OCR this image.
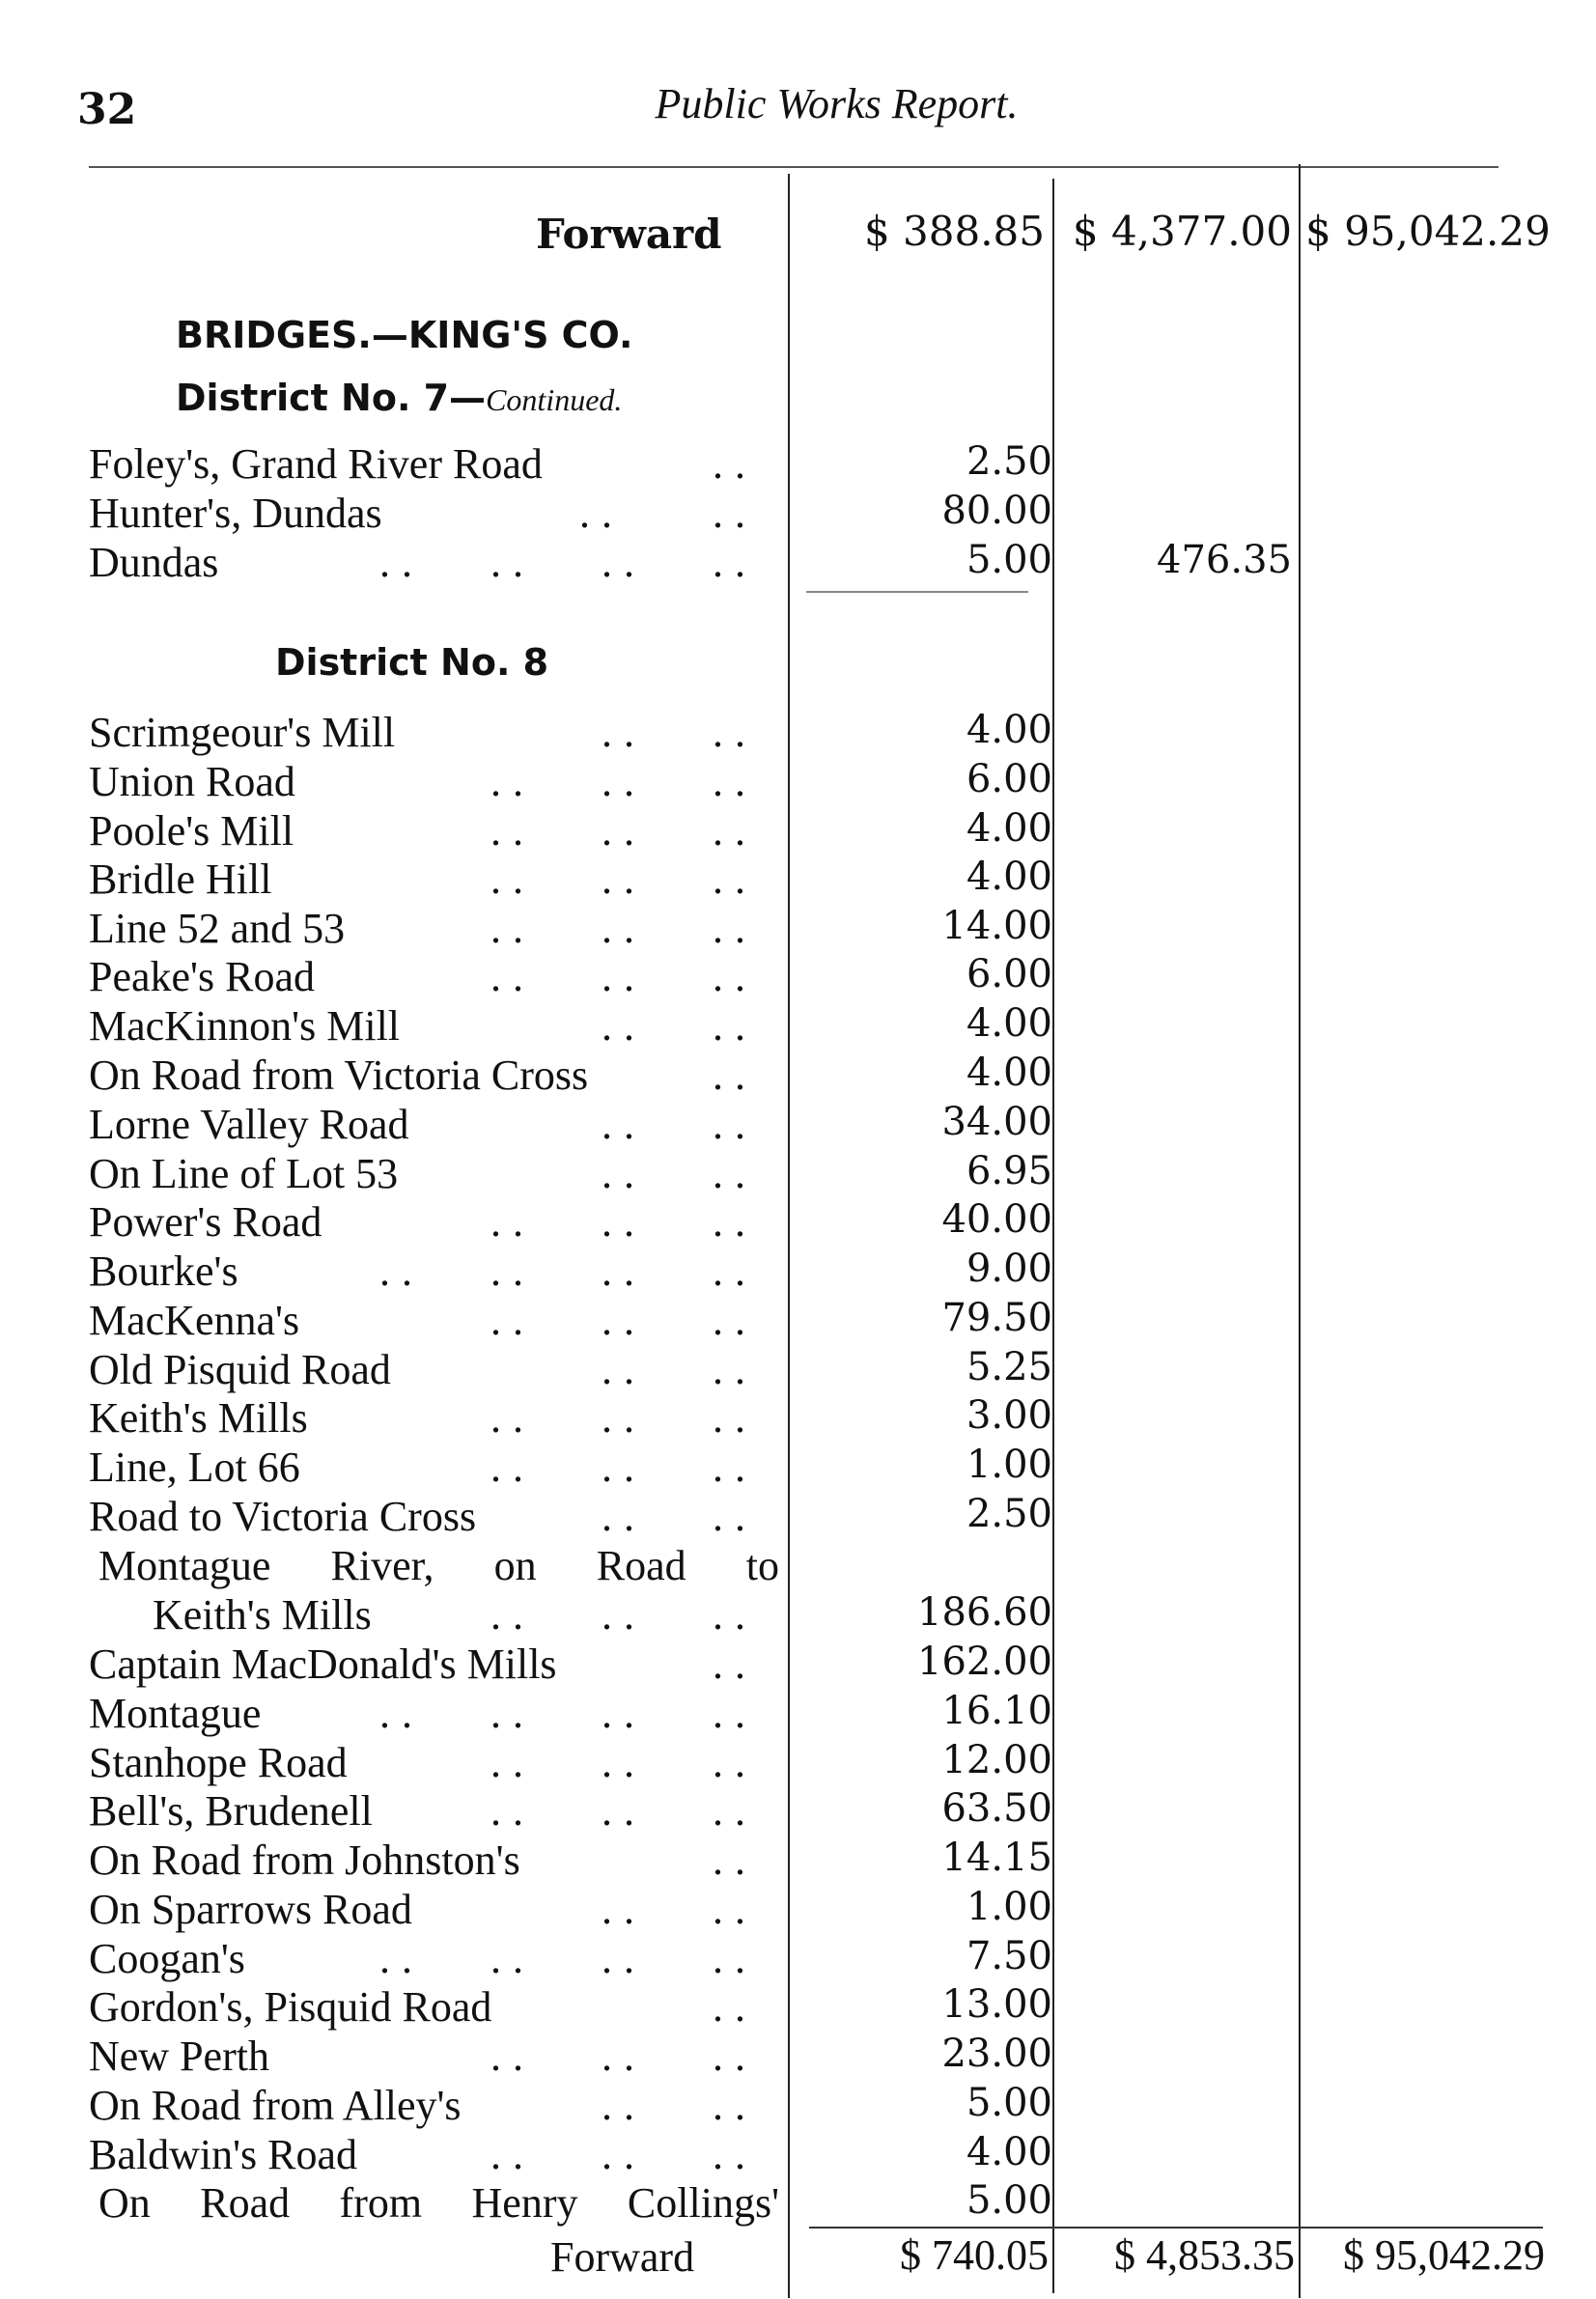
32	Public Works Report.
Forward	$ 388.85 $ 4,377.00 $ 95,042.29
BRIDGES.—KING'S CO.
District No. 7—Continued.
Foley's, Grand River Road	..	2.50
Hunter's, Dundas	..    ..	80.00
Dundas	..   ..   ..   ..	5.00	476.35
District No. 8
Scrimgeour's Mill	..   ..	4.00
Union Road	..   ..   ..	6.00
Poole's Mill	..   ..   ..	4.00
Bridle Hill	..   ..   ..	4.00
Line 52 and 53	..   ..   ..	14.00
Peake's Road	..   ..   ..	6.00
MacKinnon's Mill	..   ..	4.00
On Road from Victoria Cross	..	4.00
Lorne Valley Road	..   ..	34.00
On Line of Lot 53	..   ..	6.95
Power's Road	..   ..   ..	40.00
Bourke's	..   ..   ..   ..	9.00
MacKenna's	..   ..   ..	79.50
Old Pisquid Road	..   ..	5.25
Keith's Mills	..   ..   ..	3.00
Line, Lot 66	..   ..   ..	1.00
Road to Victoria Cross	..   ..	2.50
Montague River, on Road to
Keith's Mills	..   ..   ..	186.60
Captain MacDonald's Mills	..	162.00
Montague	..   ..   ..   ..	16.10
Stanhope Road	..   ..   ..	12.00
Bell's, Brudenell	..   ..   ..	63.50
On Road from Johnston's	..	14.15
On Sparrows Road	..   ..	1.00
Coogan's	..   ..   ..   ..	7.50
Gordon's, Pisquid Road	..	13.00
New Perth	..   ..   ..	23.00
On Road from Alley's	..   ..	5.00
Baldwin's Road	..   ..   ..	4.00
On Road from Henry Collings'	5.00
Forward	$ 740.05	$ 4,853.35	$ 95,042.29
